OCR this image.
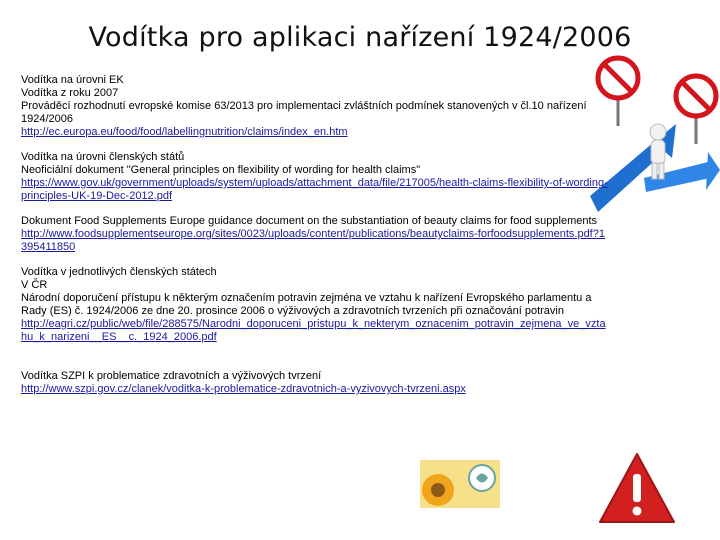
Vodítka pro aplikaci nařízení 1924/2006

Vodítka na úrovni EK

Vodítka z roku 2007

Prováděcí rozhodnutí evropské komise 63/2013 pro implementaci zvláštních podmínek stanovených v čl.10 nařízení 1924/2006

http://ec.europa.eu/food/food/labellingnutrition/claims/index_en.htm

Vodítka na úrovni členských států

Neoficiální dokument "General principles on flexibility of wording for health claims"

https://www.gov.uk/government/uploads/system/uploads/attachment_data/file/217005/health-claims-flexibility-of-wording-principles-UK-19-Dec-2012.pdf

Dokument Food Supplements Europe guidance document on the substantiation of beauty claims for food supplements

http://www.foodsupplementseurope.org/sites/0023/uploads/content/publications/beautyclaims-forfoodsupplements.pdf?1395411850

Vodítka v jednotlivých členských státech

V ČR

Národní doporučení přístupu k některým označením potravin zejména ve vztahu k nařízení Evropského parlamentu a Rady (ES) č. 1924/2006 ze dne 20. prosince 2006 o výživových a zdravotních tvrzeních při označování potravin

http://eagri.cz/public/web/file/288575/Narodni_doporuceni_pristupu_k_nekterym_oznacenim_potravin_zejmena_ve_vztahu_k_narizeni__ES__c._1924_2006.pdf

Vodítka SZPI k problematice zdravotních a výživových tvrzení

http://www.szpi.gov.cz/clanek/voditka-k-problematice-zdravotnich-a-vyzivovych-tvrzeni.aspx
